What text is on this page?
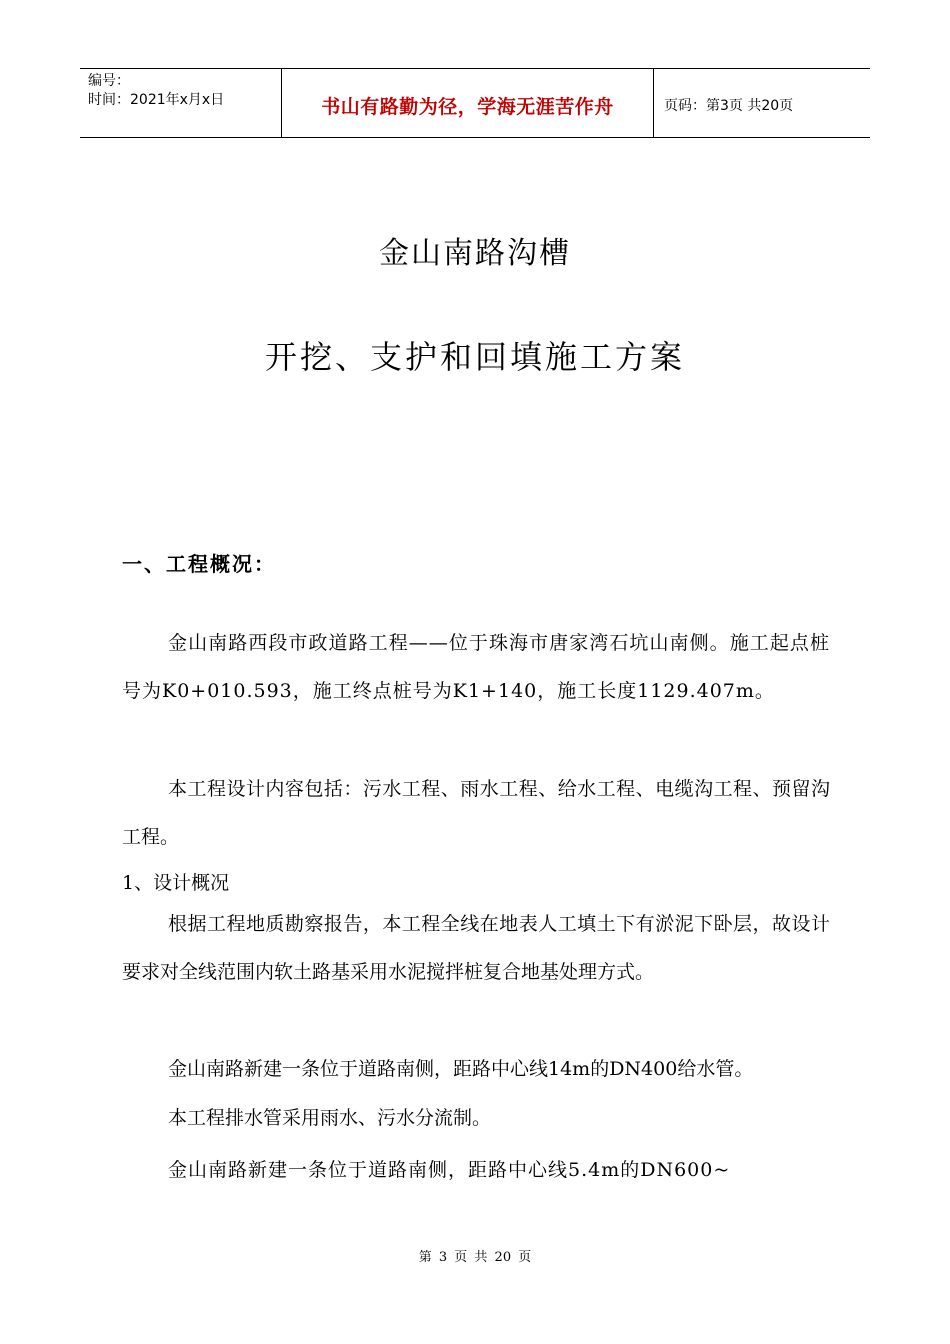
编号：
时间：2021年x月x日	书山有路勤为径，学海无涯苦作舟	页码：第3页 共20页
金山南路沟槽
开挖、支护和回填施工方案
一、工程概况：
金山南路西段市政道路工程——位于珠海市唐家湾石坑山南侧。施工起点桩号为K0+010.593，施工终点桩号为K1+140，施工长度1129.407m。
本工程设计内容包括：污水工程、雨水工程、给水工程、电缆沟工程、预留沟工程。
1、设计概况
根据工程地质勘察报告，本工程全线在地表人工填土下有淤泥下卧层，故设计要求对全线范围内软土路基采用水泥搅拌桩复合地基处理方式。
金山南路新建一条位于道路南侧，距路中心线14m的DN400给水管。
本工程排水管采用雨水、污水分流制。
金山南路新建一条位于道路南侧，距路中心线5.4m的DN600~
第 3 页 共 20 页
